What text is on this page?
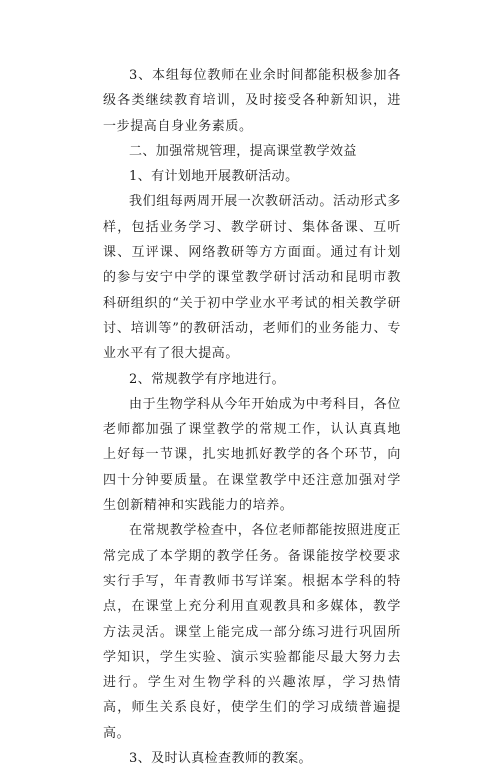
3、本组每位教师在业余时间都能积极参加各级各类继续教育培训，及时接受各种新知识，进一步提高自身业务素质。

二、加强常规管理，提高课堂教学效益

1、有计划地开展教研活动。

我们组每两周开展一次教研活动。活动形式多样，包括业务学习、教学研讨、集体备课、互听课、互评课、网络教研等方方面面。通过有计划的参与安宁中学的课堂教学研讨活动和昆明市教科研组织的“关于初中学业水平考试的相关教学研讨、培训等”的教研活动，老师们的业务能力、专业水平有了很大提高。

2、常规教学有序地进行。

由于生物学科从今年开始成为中考科目，各位老师都加强了课堂教学的常规工作，认认真真地上好每一节课，扎实地抓好教学的各个环节，向四十分钟要质量。在课堂教学中还注意加强对学生创新精神和实践能力的培养。

在常规教学检查中，各位老师都能按照进度正常完成了本学期的教学任务。备课能按学校要求实行手写，年青教师书写详案。根据本学科的特点，在课堂上充分利用直观教具和多媒体，教学方法灵活。课堂上能完成一部分练习进行巩固所学知识，学生实验、演示实验都能尽最大努力去进行。学生对生物学科的兴趣浓厚，学习热情高，师生关系良好，使学生们的学习成绩普遍提高。

3、及时认真检查教师的教案。
